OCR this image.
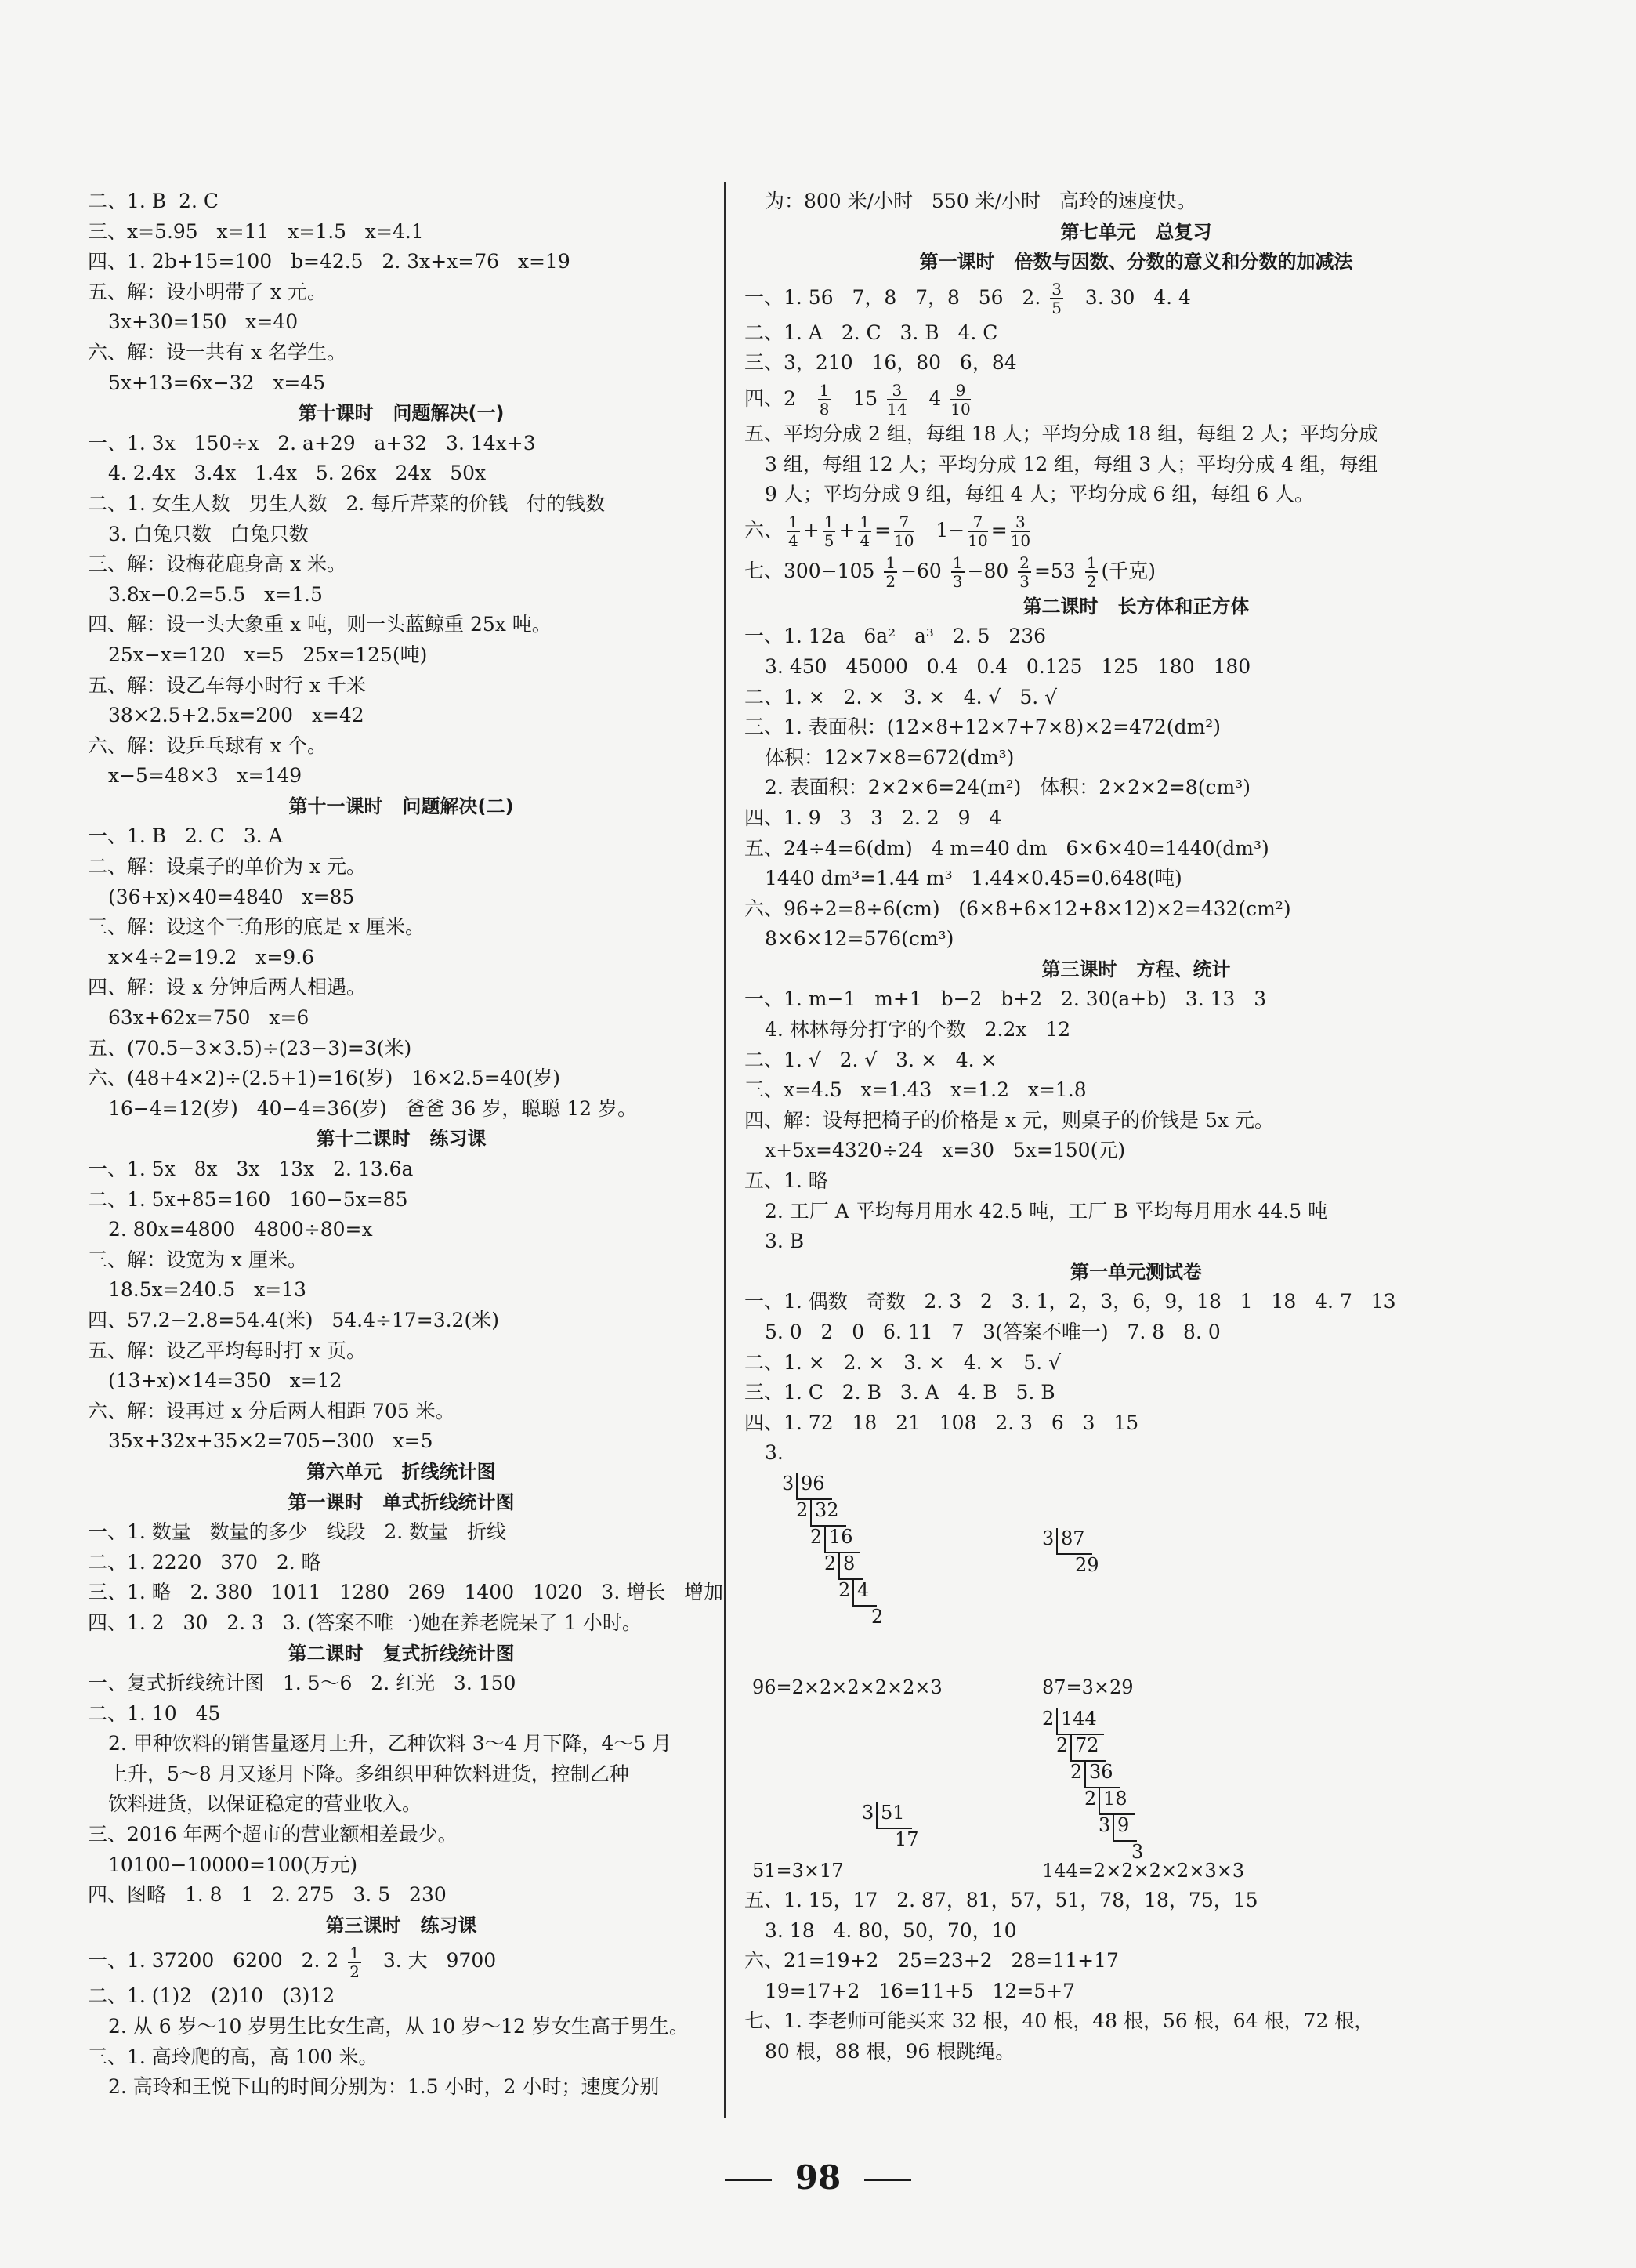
二、1. B  2. C
三、x=5.95   x=11   x=1.5   x=4.1
四、1. 2b+15=100   b=42.5   2. 3x+x=76   x=19
五、解：设小明带了 x 元。
3x+30=150   x=40
六、解：设一共有 x 名学生。
5x+13=6x−32   x=45
第十课时   问题解决(一)
一、1. 3x   150÷x   2. a+29   a+32   3. 14x+3
4. 2.4x   3.4x   1.4x   5. 26x   24x   50x
二、1. 女生人数   男生人数   2. 每斤芹菜的价钱   付的钱数
3. 白兔只数   白兔只数
三、解：设梅花鹿身高 x 米。
3.8x−0.2=5.5   x=1.5
四、解：设一头大象重 x 吨，则一头蓝鲸重 25x 吨。
25x−x=120   x=5   25x=125(吨)
五、解：设乙车每小时行 x 千米
38×2.5+2.5x=200   x=42
六、解：设乒乓球有 x 个。
x−5=48×3   x=149
第十一课时   问题解决(二)
一、1. B   2. C   3. A
二、解：设桌子的单价为 x 元。
(36+x)×40=4840   x=85
三、解：设这个三角形的底是 x 厘米。
x×4÷2=19.2   x=9.6
四、解：设 x 分钟后两人相遇。
63x+62x=750   x=6
五、(70.5−3×3.5)÷(23−3)=3(米)
六、(48+4×2)÷(2.5+1)=16(岁)   16×2.5=40(岁)
16−4=12(岁)   40−4=36(岁)   爸爸 36 岁，聪聪 12 岁。
第十二课时   练习课
一、1. 5x   8x   3x   13x   2. 13.6a
二、1. 5x+85=160   160−5x=85
2. 80x=4800   4800÷80=x
三、解：设宽为 x 厘米。
18.5x=240.5   x=13
四、57.2−2.8=54.4(米)   54.4÷17=3.2(米)
五、解：设乙平均每时打 x 页。
(13+x)×14=350   x=12
六、解：设再过 x 分后两人相距 705 米。
35x+32x+35×2=705−300   x=5
第六单元   折线统计图
第一课时   单式折线统计图
一、1. 数量   数量的多少   线段   2. 数量   折线
二、1. 2220   370   2. 略
三、1. 略   2. 380   1011   1280   269   1400   1020   3. 增长   增加
四、1. 2   30   2. 3   3. (答案不唯一)她在养老院呆了 1 小时。
第二课时   复式折线统计图
一、复式折线统计图   1. 5～6   2. 红光   3. 150
二、1. 10   45
2. 甲种饮料的销售量逐月上升，乙种饮料 3～4 月下降，4～5 月
上升，5～8 月又逐月下降。多组织甲种饮料进货，控制乙种
饮料进货，以保证稳定的营业收入。
三、2016 年两个超市的营业额相差最少。
10100−10000=100(万元)
四、图略   1. 8   1   2. 275   3. 5   230
第三课时   练习课
一、1. 37200   6200   2. $2 \frac{1}{2} 3$. 大   9700
二、1. (1)2   (2)10   (3)12
2. 从 6 岁～10 岁男生比女生高，从 10 岁～12 岁女生高于男生。
三、1. 高玲爬的高，高 100 米。
2. 高玲和王悦下山的时间分别为：1.5 小时，2 小时；速度分别
为：800 米/小时   550 米/小时   高玲的速度快。
第七单元   总复习
第一课时   倍数与因数、分数的意义和分数的加减法
一、1. 56   7，8   7，8   56   2. $\frac{3}{5} 3$. 30   4. 4
二、1. A   2. C   3. B   4. C
三、3，210   16，80   6，84
四、$2 \frac{1}{8} 15 \frac{3}{14} 4 \frac{9}{10}$
五、平均分成 2 组，每组 18 人；平均分成 18 组，每组 2 人；平均分成
3 组，每组 12 人；平均分成 12 组，每组 3 人；平均分成 4 组，每组
9 人；平均分成 9 组，每组 4 人；平均分成 6 组，每组 6 人。
六、 $\frac{1}{4} + \frac{1}{5} + \frac{1}{4} = \frac{7}{10} 1- \frac{7}{10} = \frac{3}{10}$
七、$300-105 \frac{1}{2} -60 \frac{1}{3} -80 \frac{2}{3} =53 \frac{1}{2}$ (千克)
第二课时   长方体和正方体
一、1. 12a   6a²   a³   2. 5   236
3. 450   45000   0.4   0.4   0.125   125   180   180
二、1. ×   2. ×   3. ×   4. √   5. √
三、1. 表面积：(12×8+12×7+7×8)×2=472(dm²)
体积：12×7×8=672(dm³)
2. 表面积：2×2×6=24(m²)   体积：2×2×2=8(cm³)
四、1. 9   3   3   2. 2   9   4
五、24÷4=6(dm)   4 m=40 dm   6×6×40=1440(dm³)
1440 dm³=1.44 m³   1.44×0.45=0.648(吨)
六、96÷2=8÷6(cm)   (6×8+6×12+8×12)×2=432(cm²)
8×6×12=576(cm³)
第三课时   方程、统计
一、1. m−1   m+1   b−2   b+2   2. 30(a+b)   3. 13   3
4. 林林每分打字的个数   2.2x   12
二、1. √   2. √   3. ×   4. ×
三、x=4.5   x=1.43   x=1.2   x=1.8
四、解：设每把椅子的价格是 x 元，则桌子的价钱是 5x 元。
x+5x=4320÷24   x=30   5x=150(元)
五、1. 略
2. 工厂 A 平均每月用水 42.5 吨，工厂 B 平均每月用水 44.5 吨
3. B
第一单元测试卷
一、1. 偶数   奇数   2. 3   2   3. 1，2，3，6，9，18   1   18   4. 7   13
5. 0   2   0   6. 11   7   3(答案不唯一)   7. 8   8. 0
二、1. ×   2. ×   3. ×   4. ×   5. √
三、1. C   2. B   3. A   4. B   5. B
四、1. 72   18   21   108   2. 3   6   3   15
3.
96=2×2×2×2×2×3	87=3×29
51=3×17	144=2×2×2×2×3×3
3 96
2 32
2 16
2 8
2 4
2
3 87
29
3 51
17
2 144
2 72
2 36
2 18
3 9
3
五、1. 15，17   2. 87，81，57，51，78，18，75，15
3. 18   4. 80，50，70，10
六、21=19+2   25=23+2   28=11+17
19=17+2   16=11+5   12=5+7
七、1. 李老师可能买来 32 根，40 根，48 根，56 根，64 根，72 根，
80 根，88 根，96 根跳绳。
98
